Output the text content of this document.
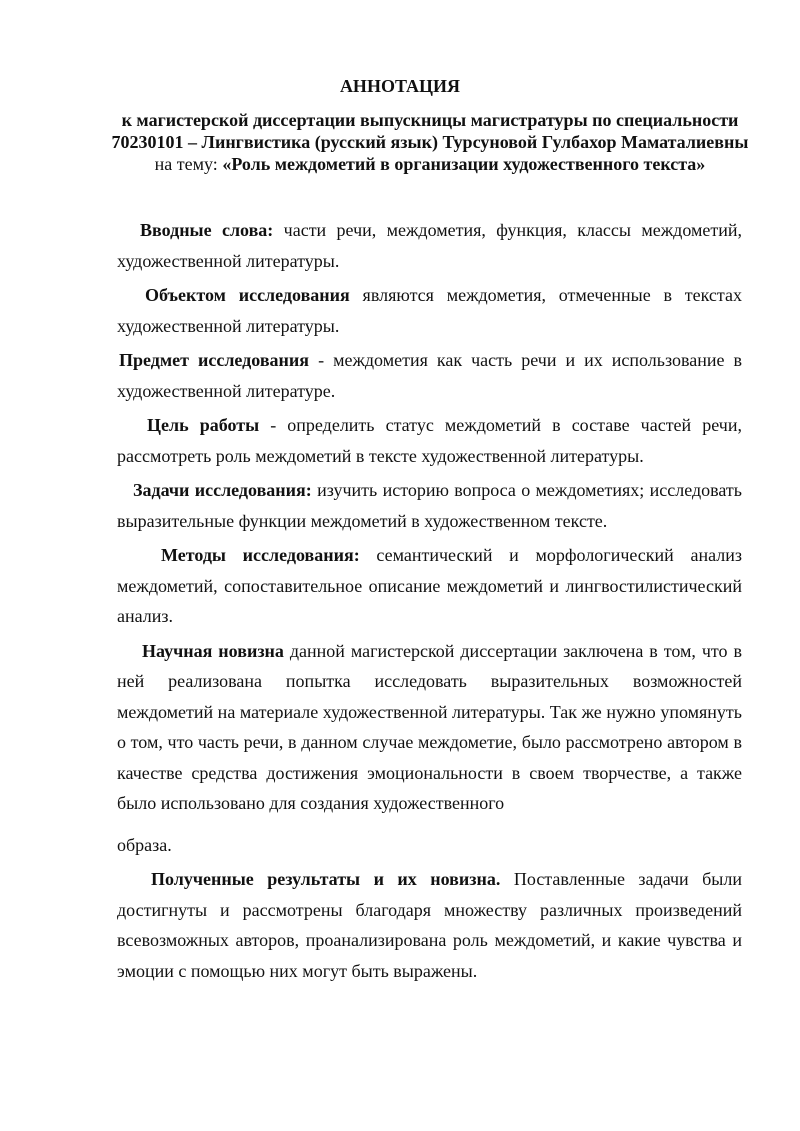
АННОТАЦИЯ
к магистерской диссертации выпускницы магистратуры по специальности 70230101 – Лингвистика (русский язык) Турсуновой Гулбахор Маматалиевны на тему: «Роль междометий в организации художественного текста»

Вводные слова: части речи, междометия, функция, классы междометий, художественной литературы.

Объектом исследования являются междометия, отмеченные в текстах художественной литературы.

Предмет исследования - междометия как часть речи и их использование в художественной литературе.

Цель работы - определить статус междометий в составе частей речи, рассмотреть роль междометий в тексте художественной литературы.

Задачи исследования: изучить историю вопроса о междометиях; исследовать выразительные функции междометий в художественном тексте.

Методы исследования: семантический и морфологический анализ междометий, сопоставительное описание междометий и лингвостилистический анализ.

Научная новизна данной магистерской диссертации заключена в том, что в ней реализована попытка исследовать выразительных возможностей междометий на материале художественной литературы. Так же нужно упомянуть о том, что часть речи, в данном случае междометие, было рассмотрено автором в качестве средства достижения эмоциональности в своем творчестве, а также было использовано для создания художественного
образа.

Полученные результаты и их новизна. Поставленные задачи были достигнуты и рассмотрены благодаря множеству различных произведений всевозможных авторов, проанализирована роль междометий, и какие чувства и эмоции с помощью них могут быть выражены.
